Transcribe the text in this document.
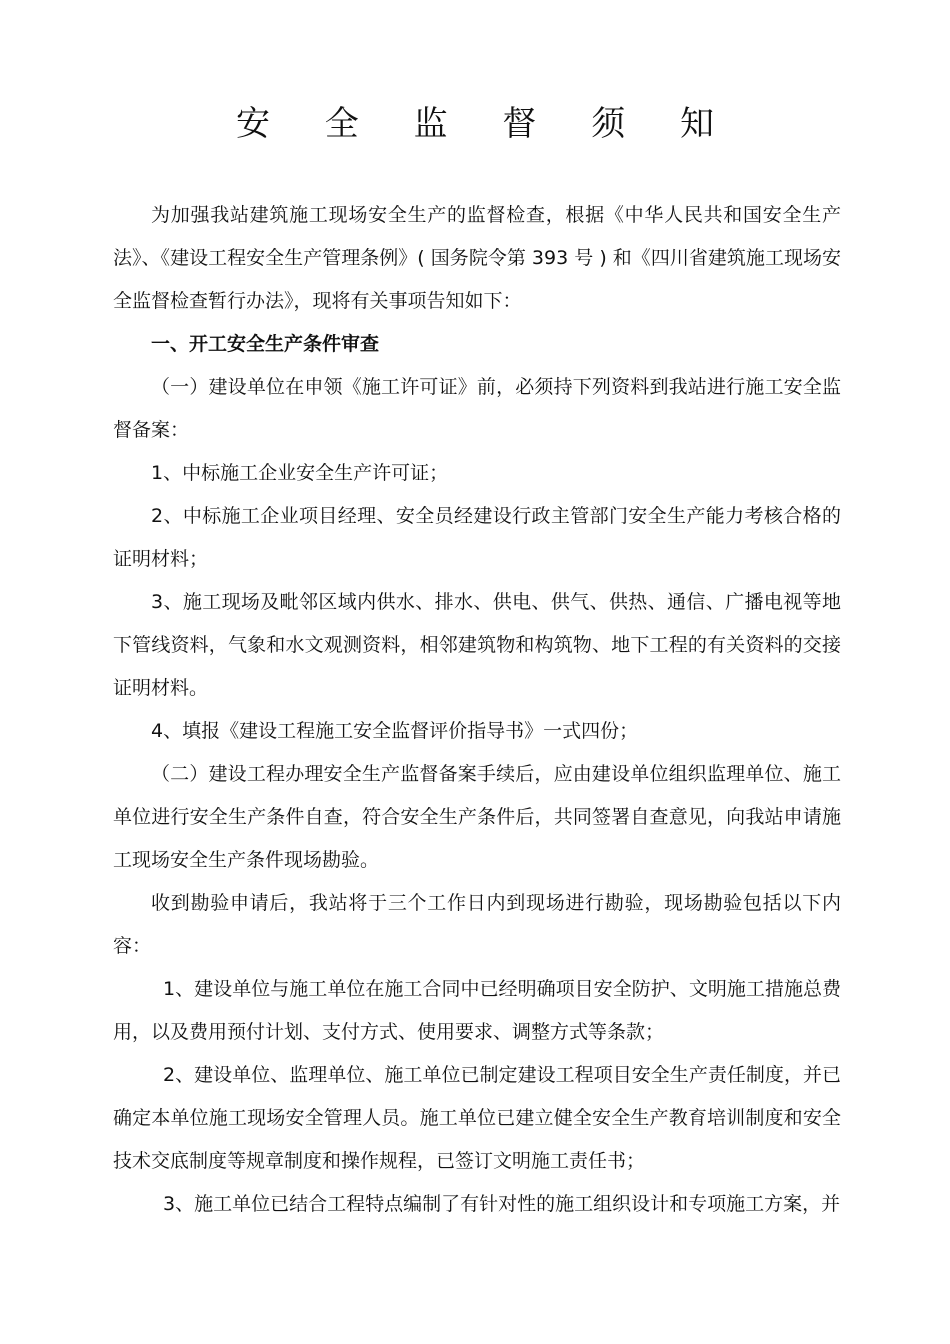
安 全 监 督 须 知

为加强我站建筑施工现场安全生产的监督检查，根据《中华人民共和国安全生产法》、《建设工程安全生产管理条例》( 国务院令第 393 号 ) 和《四川省建筑施工现场安全监督检查暂行办法》，现将有关事项告知如下：

一、开工安全生产条件审查

（一）建设单位在申领《施工许可证》前，必须持下列资料到我站进行施工安全监督备案：

1、中标施工企业安全生产许可证；

2、中标施工企业项目经理、安全员经建设行政主管部门安全生产能力考核合格的证明材料；

3、施工现场及毗邻区域内供水、排水、供电、供气、供热、通信、广播电视等地下管线资料，气象和水文观测资料，相邻建筑物和构筑物、地下工程的有关资料的交接证明材料。

4、填报《建设工程施工安全监督评价指导书》一式四份；

（二）建设工程办理安全生产监督备案手续后，应由建设单位组织监理单位、施工单位进行安全生产条件自查，符合安全生产条件后，共同签署自查意见，向我站申请施工现场安全生产条件现场勘验。

收到勘验申请后，我站将于三个工作日内到现场进行勘验，现场勘验包括以下内容：

1、建设单位与施工单位在施工合同中已经明确项目安全防护、文明施工措施总费用，以及费用预付计划、支付方式、使用要求、调整方式等条款；

2、建设单位、监理单位、施工单位已制定建设工程项目安全生产责任制度，并已确定本单位施工现场安全管理人员。施工单位已建立健全安全生产教育培训制度和安全技术交底制度等规章制度和操作规程，已签订文明施工责任书；

3、施工单位已结合工程特点编制了有针对性的施工组织设计和专项施工方案，并
